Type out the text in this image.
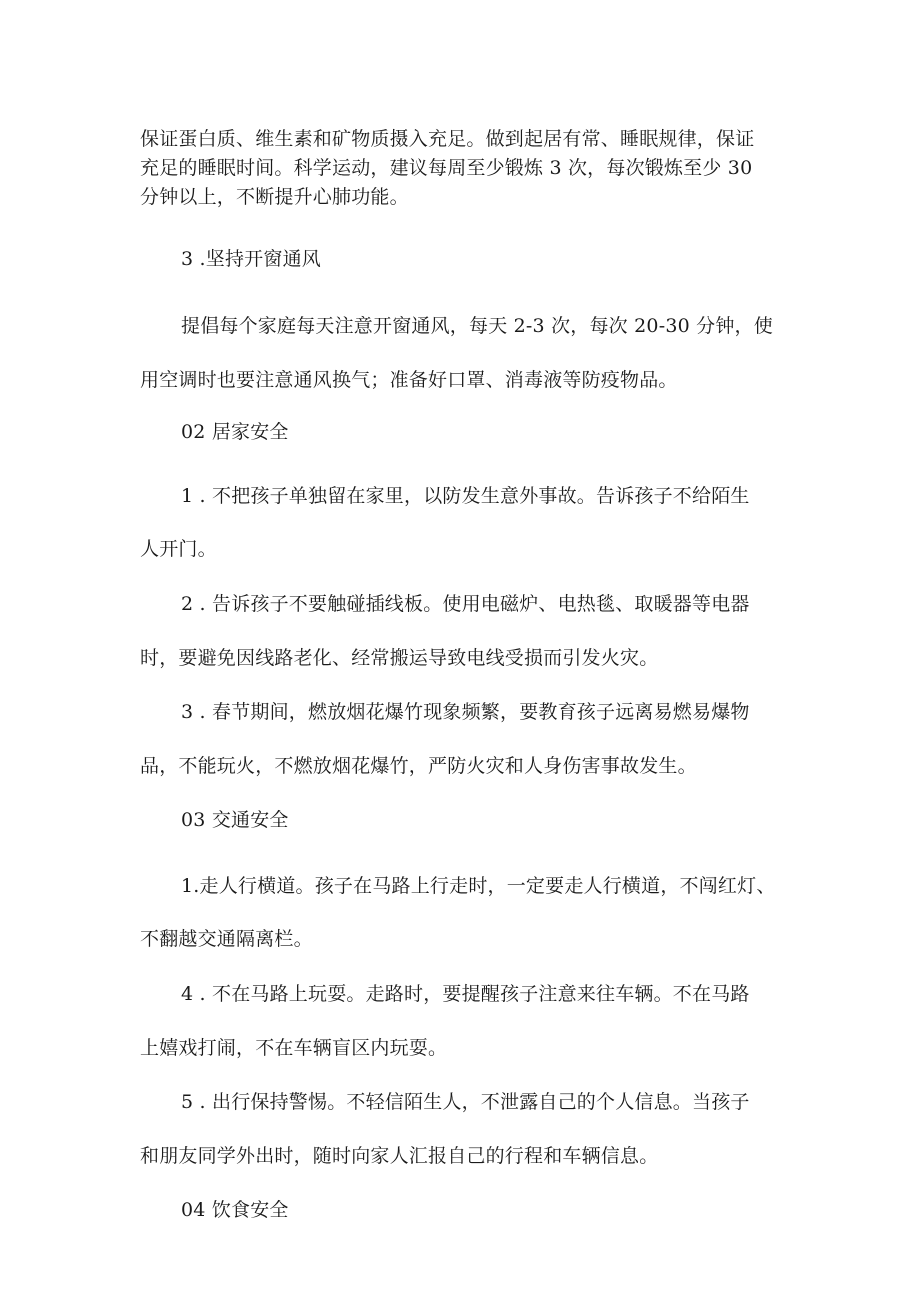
保证蛋白质、维生素和矿物质摄入充足。做到起居有常、睡眠规律，保证
充足的睡眠时间。科学运动，建议每周至少锻炼 3 次，每次锻炼至少 30
分钟以上，不断提升心肺功能。
3 .坚持开窗通风
提倡每个家庭每天注意开窗通风，每天 2-3 次，每次 20-30 分钟，使
用空调时也要注意通风换气；准备好口罩、消毒液等防疫物品。
02 居家安全
1 . 不把孩子单独留在家里，以防发生意外事故。告诉孩子不给陌生
人开门。
2 . 告诉孩子不要触碰插线板。使用电磁炉、电热毯、取暖器等电器
时，要避免因线路老化、经常搬运导致电线受损而引发火灾。
3 . 春节期间，燃放烟花爆竹现象频繁，要教育孩子远离易燃易爆物
品，不能玩火，不燃放烟花爆竹，严防火灾和人身伤害事故发生。
03 交通安全
1.走人行横道。孩子在马路上行走时，一定要走人行横道，不闯红灯、
不翻越交通隔离栏。
4 . 不在马路上玩耍。走路时，要提醒孩子注意来往车辆。不在马路
上嬉戏打闹，不在车辆盲区内玩耍。
5 . 出行保持警惕。不轻信陌生人，不泄露自己的个人信息。当孩子
和朋友同学外出时，随时向家人汇报自己的行程和车辆信息。
04 饮食安全
